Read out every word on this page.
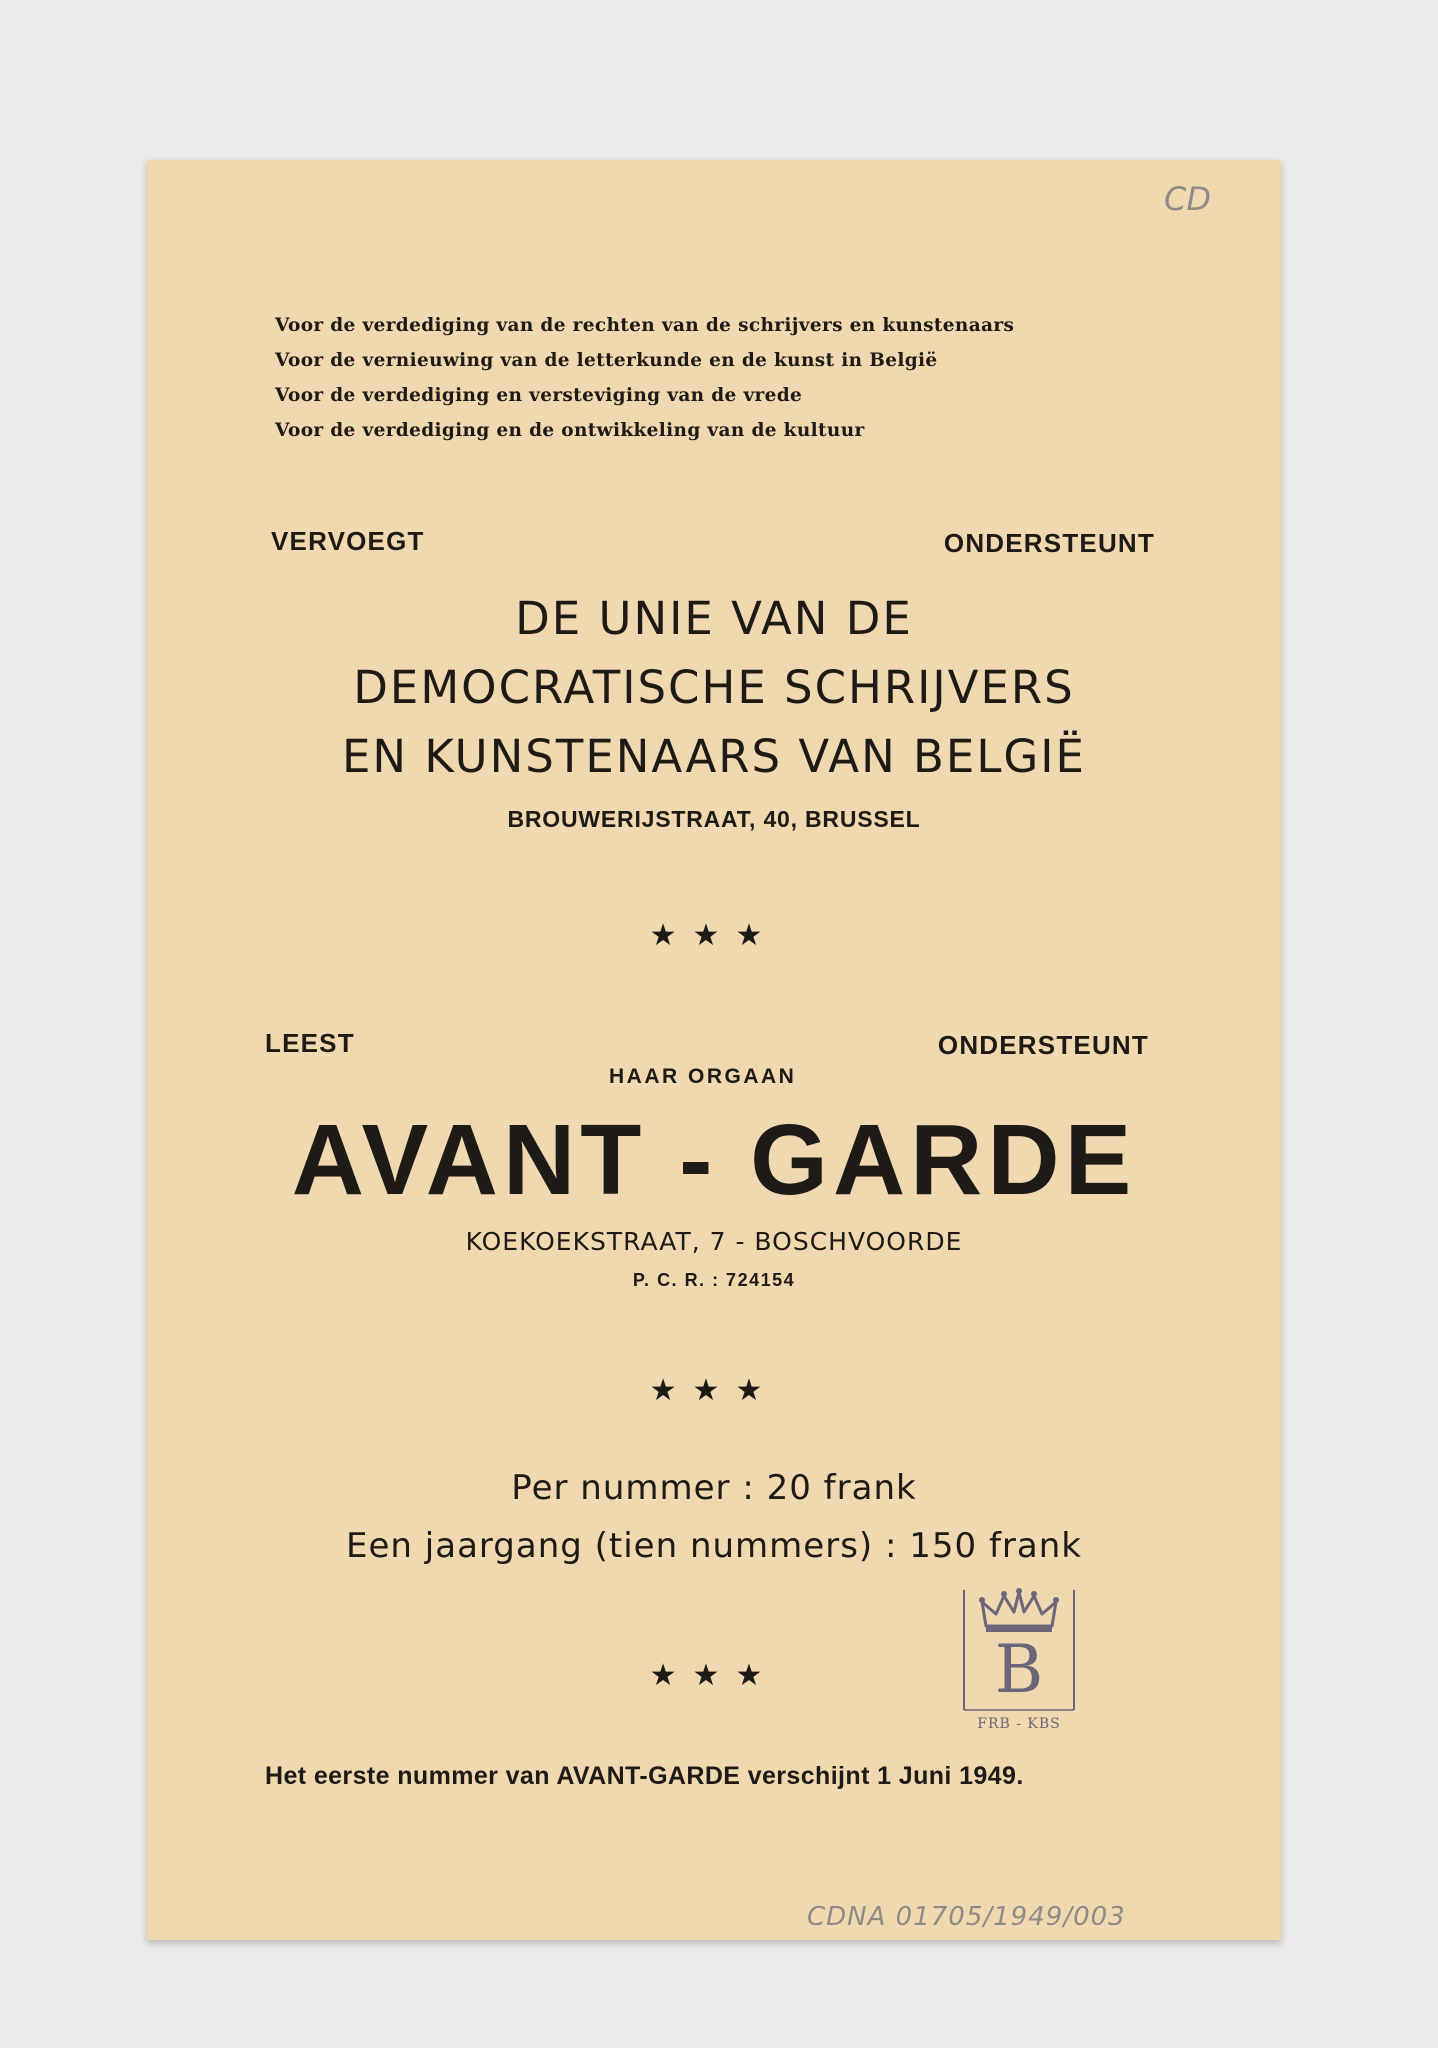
Voor de verdediging van de rechten van de schrijvers en kunstenaars
Voor de vernieuwing van de letterkunde en de kunst in België
Voor de verdediging en versteviging van de vrede
Voor de verdediging en de ontwikkeling van de kultuur
VERVOEGT	ONDERSTEUNT
DE UNIE VAN DE
DEMOCRATISCHE SCHRIJVERS
EN KUNSTENAARS VAN BELGIË
BROUWERIJSTRAAT, 40, BRUSSEL
★★★
LEEST	ONDERSTEUNT
HAAR ORGAAN
AVANT - GARDE
KOEKOEKSTRAAT, 7 - BOSCHVOORDE
P. C. R. : 724154
★★★
Per nummer : 20 frank
Een jaargang (tien nummers) : 150 frank
★★★
Het eerste nummer van AVANT-GARDE verschijnt 1 Juni 1949.
CD
CDNA 01705/1949/003
B
FRB - KBS
